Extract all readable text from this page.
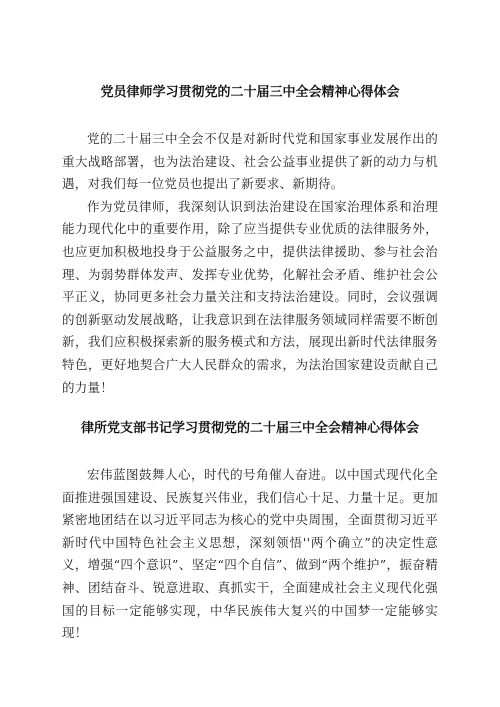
党员律师学习贯彻党的二十届三中全会精神心得体会

党的二十届三中全会不仅是对新时代党和国家事业发展作出的重大战略部署，也为法治建设、社会公益事业提供了新的动力与机遇，对我们每一位党员也提出了新要求、新期待。

作为党员律师，我深刻认识到法治建设在国家治理体系和治理能力现代化中的重要作用，除了应当提供专业优质的法律服务外，也应更加积极地投身于公益服务之中，提供法律援助、参与社会治理、为弱势群体发声、发挥专业优势，化解社会矛盾、维护社会公平正义，协同更多社会力量关注和支持法治建设。同时，会议强调的创新驱动发展战略，让我意识到在法律服务领域同样需要不断创新，我们应积极探索新的服务模式和方法，展现出新时代法律服务特色，更好地契合广大人民群众的需求，为法治国家建设贡献自己的力量！

律所党支部书记学习贯彻党的二十届三中全会精神心得体会

宏伟蓝图鼓舞人心，时代的号角催人奋进。以中国式现代化全面推进强国建设、民族复兴伟业，我们信心十足、力量十足。更加紧密地团结在以习近平同志为核心的党中央周围，全面贯彻习近平新时代中国特色社会主义思想，深刻领悟''两个确立”的决定性意义，增强“四个意识”、坚定“四个自信”、做到“两个维护”，振奋精神、团结奋斗、锐意进取、真抓实干，全面建成社会主义现代化强国的目标一定能够实现，中华民族伟大复兴的中国梦一定能够实现！
